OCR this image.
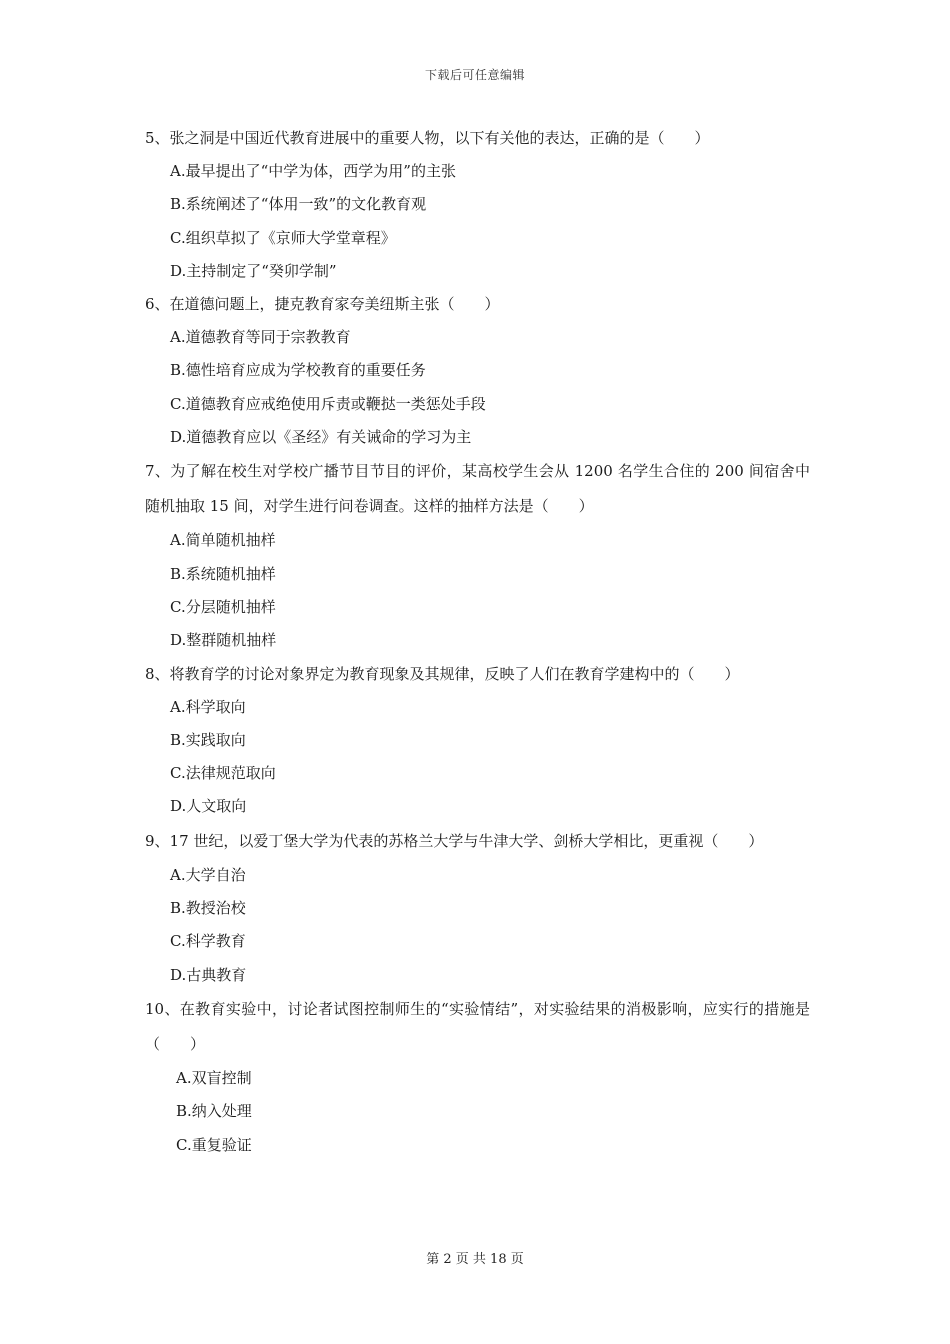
下载后可任意编辑

5、张之洞是中国近代教育进展中的重要人物，以下有关他的表达，正确的是（　　）

A.最早提出了“中学为体，西学为用”的主张
B.系统阐述了“体用一致”的文化教育观
C.组织草拟了《京师大学堂章程》
D.主持制定了“癸卯学制”

6、在道德问题上，捷克教育家夸美纽斯主张（　　）

A.道德教育等同于宗教教育
B.德性培育应成为学校教育的重要任务
C.道德教育应戒绝使用斥责或鞭挞一类惩处手段
D.道德教育应以《圣经》有关诫命的学习为主

7、为了解在校生对学校广播节目节目的评价，某高校学生会从 1200 名学生合住的 200 间宿舍中随机抽取 15 间，对学生进行问卷调查。这样的抽样方法是（　　）

A.简单随机抽样
B.系统随机抽样
C.分层随机抽样
D.整群随机抽样

8、将教育学的讨论对象界定为教育现象及其规律，反映了人们在教育学建构中的（　　）

A.科学取向
B.实践取向
C.法律规范取向
D.人文取向

9、17 世纪，以爱丁堡大学为代表的苏格兰大学与牛津大学、剑桥大学相比，更重视（　　）

A.大学自治
B.教授治校
C.科学教育
D.古典教育

10、在教育实验中，讨论者试图控制师生的“实验情结”，对实验结果的消极影响，应实行的措施是（　　）

A.双盲控制
B.纳入处理
C.重复验证
第 2 页 共 18 页
